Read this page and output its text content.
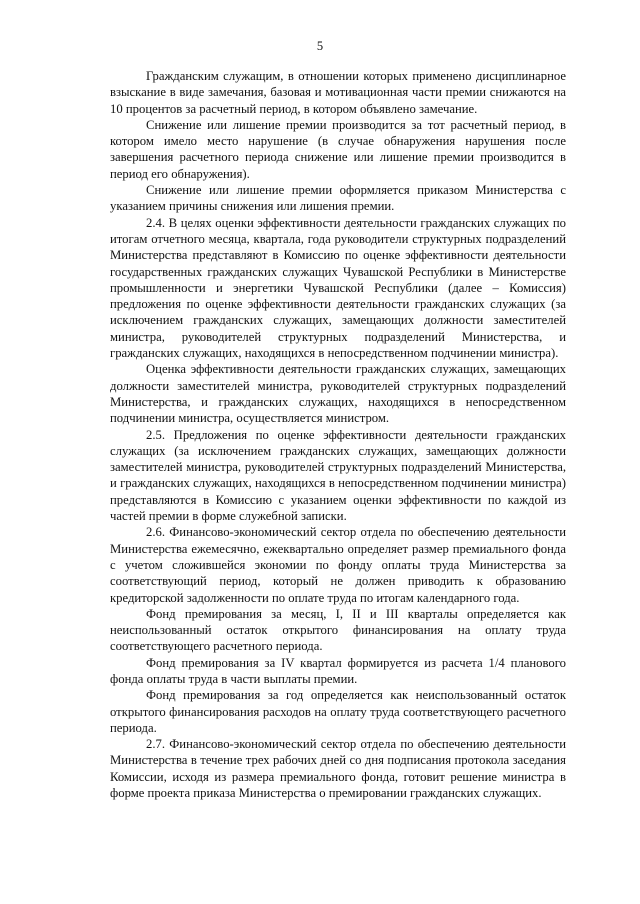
5

Гражданским служащим, в отношении которых применено дисциплинарное взыскание в виде замечания, базовая и мотивационная части премии снижаются на 10 процентов за расчетный период, в котором объявлено замечание.

Снижение или лишение премии производится за тот расчетный период, в котором имело место нарушение (в случае обнаружения нарушения после завершения расчетного периода снижение или лишение премии производится в период его обнаружения).

Снижение или лишение премии оформляется приказом Министерства с указанием причины снижения или лишения премии.

2.4. В целях оценки эффективности деятельности гражданских служащих по итогам отчетного месяца, квартала, года руководители структурных подразделений Министерства представляют в Комиссию по оценке эффективности деятельности государственных гражданских служащих Чувашской Республики в Министерстве промышленности и энергетики Чувашской Республики (далее – Комиссия) предложения по оценке эффективности деятельности гражданских служащих (за исключением гражданских служащих, замещающих должности заместителей министра, руководителей структурных подразделений Министерства, и гражданских служащих, находящихся в непосредственном подчинении министра).

Оценка эффективности деятельности гражданских служащих, замещающих должности заместителей министра, руководителей структурных подразделений Министерства, и гражданских служащих, находящихся в непосредственном подчинении министра, осуществляется министром.

2.5. Предложения по оценке эффективности деятельности гражданских служащих (за исключением гражданских служащих, замещающих должности заместителей министра, руководителей структурных подразделений Министерства, и гражданских служащих, находящихся в непосредственном подчинении министра) представляются в Комиссию с указанием оценки эффективности по каждой из частей премии в форме служебной записки.

2.6. Финансово-экономический сектор отдела по обеспечению деятельности Министерства ежемесячно, ежеквартально определяет размер премиального фонда с учетом сложившейся экономии по фонду оплаты труда Министерства за соответствующий период, который не должен приводить к образованию кредиторской задолженности по оплате труда по итогам календарного года.

Фонд премирования за месяц, I, II и III кварталы определяется как неиспользованный остаток открытого финансирования на оплату труда соответствующего расчетного периода.

Фонд премирования за IV квартал формируется из расчета 1/4 планового фонда оплаты труда в части выплаты премии.

Фонд премирования за год определяется как неиспользованный остаток открытого финансирования расходов на оплату труда соответствующего расчетного периода.

2.7. Финансово-экономический сектор отдела по обеспечению деятельности Министерства в течение трех рабочих дней со дня подписания протокола заседания Комиссии, исходя из размера премиального фонда, готовит решение министра в форме проекта приказа Министерства о премировании гражданских служащих.
